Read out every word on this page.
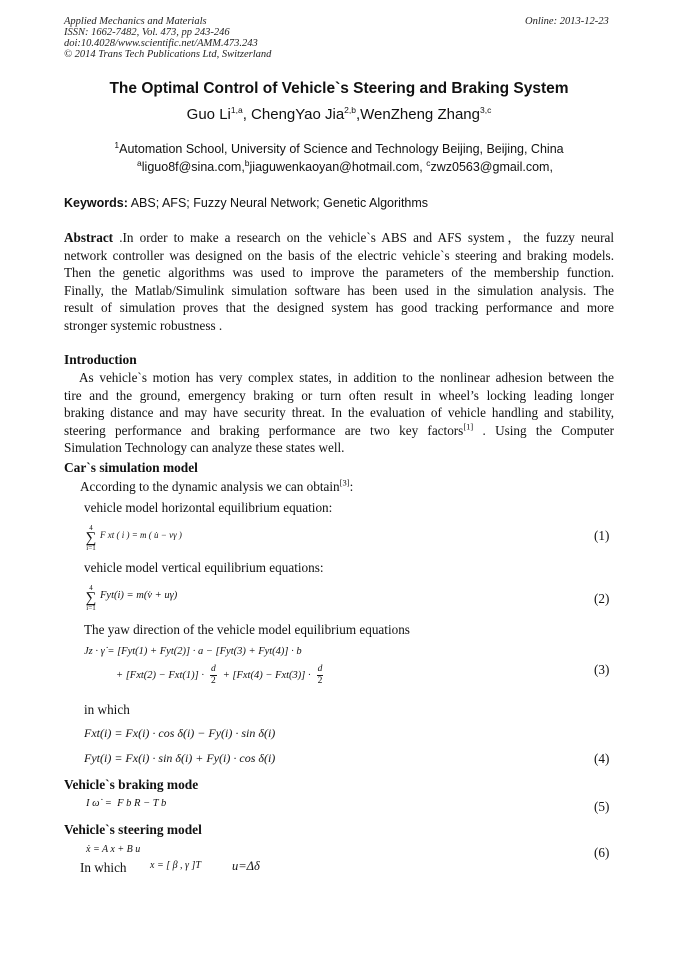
Applied Mechanics and Materials
ISSN: 1662-7482, Vol. 473, pp 243-246
doi:10.4028/www.scientific.net/AMM.473.243
© 2014 Trans Tech Publications Ltd, Switzerland
Online: 2013-12-23
The Optimal Control of Vehicle`s Steering and Braking System
Guo Li$^{1,a}$, ChengYao Jia$^{2,b}$,WenZheng Zhang$^{3,c}$
$^1$Automation School, University of Science and Technology Beijing, Beijing, China
$^a$liguo8f@sina.com,$^b$jiaguwenkaoyan@hotmail.com, $^c$zwz0563@gmail.com,
Keywords: ABS; AFS; Fuzzy Neural Network; Genetic Algorithms
Abstract .In order to make a research on the vehicle`s ABS and AFS system，the fuzzy neural
network controller was designed on the basis of the electric vehicle`s steering and braking models.
Then the genetic algorithms was used to improve the parameters of the membership function.
Finally, the Matlab/Simulink simulation software has been used in the simulation analysis. The
result of simulation proves that the designed system has good tracking performance and more
stronger systemic robustness .
Introduction
As vehicle`s motion has very complex states, in addition to the nonlinear adhesion between the
tire and the ground, emergency braking or turn often result in wheel’s locking leading longer
braking distance and may have security threat. In the evaluation of vehicle handling and stability,
steering performance and braking performance are two key factors[1] . Using the Computer
Simulation Technology can analyze these states well.
Car`s simulation model
According to the dynamic analysis we can obtain[3]:
vehicle model horizontal equilibrium equation:
4
∑
i=1
F xt ( i ) = m ( u̇ − vγ )	(1)
vehicle model vertical equilibrium equations:
4
∑
i=1
Fyt(i) = m(v̇ + uγ)	(2)
The yaw direction of the vehicle model equilibrium equations
Jz · γ̇ = [Fyt(1) + Fyt(2)] · a − [Fyt(3) + Fyt(4)] · b
+ $[Fxt(2) - Fxt(1)] \cdot \frac{d}{2} + [Fxt(4) - Fxt(3)] \cdot \frac{d}{2}$	(3)
in which
Fxt(i) = Fx(i) · cos δ(i) − Fy(i) · sin δ(i)
Fyt(i) = Fx(i) · sin δ(i) + Fy(i) · cos δ(i)	(4)
Vehicle`s braking mode
I ω̇  =  F b R − T b	(5)
Vehicle`s steering model
ẋ = A x + B u	(6)
In which x = [ β , γ ]T u=Δδ
